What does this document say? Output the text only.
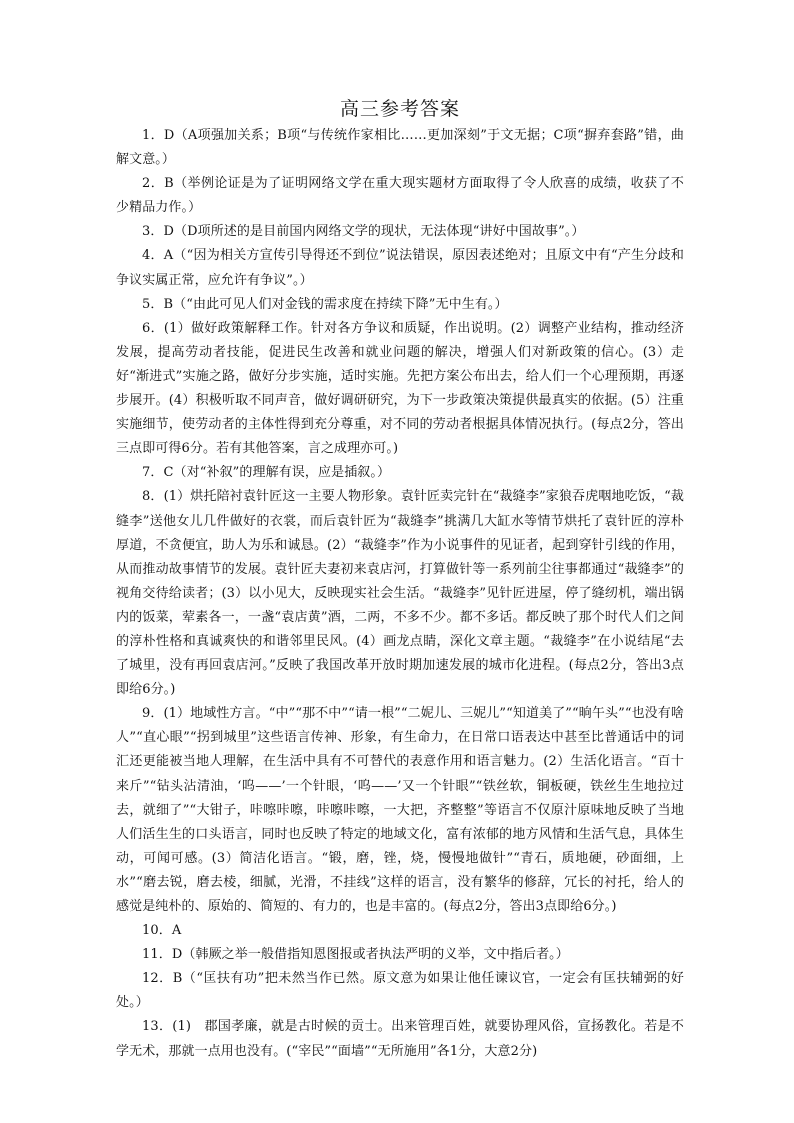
高三参考答案

1．D（A项强加关系；B项“与传统作家相比……更加深刻”于文无据；C项“摒弃套路”错，曲解文意。）

2．B（举例论证是为了证明网络文学在重大现实题材方面取得了令人欣喜的成绩，收获了不少精品力作。）

3．D（D项所述的是目前国内网络文学的现状，无法体现“讲好中国故事”。）

4．A（“因为相关方宣传引导得还不到位”说法错误，原因表述绝对；且原文中有“产生分歧和争议实属正常，应允许有争议”。）

5．B（“由此可见人们对金钱的需求度在持续下降”无中生有。）

6．(1）做好政策解释工作。针对各方争议和质疑，作出说明。(2）调整产业结构，推动经济发展，提高劳动者技能，促进民生改善和就业问题的解决，增强人们对新政策的信心。(3）走好“渐进式”实施之路，做好分步实施，适时实施。先把方案公布出去，给人们一个心理预期，再逐步展开。(4）积极听取不同声音，做好调研研究，为下一步政策决策提供最真实的依据。(5）注重实施细节，使劳动者的主体性得到充分尊重，对不同的劳动者根据具体情况执行。(每点2分，答出三点即可得6分。若有其他答案，言之成理亦可。)

7．C（对“补叙”的理解有误，应是插叙。）

8．(1）烘托陪衬袁针匠这一主要人物形象。袁针匠卖完针在“裁缝李”家狼吞虎咽地吃饭，“裁缝李”送他女儿几件做好的衣裳，而后袁针匠为“裁缝李”挑满几大缸水等情节烘托了袁针匠的淳朴厚道，不贪便宜，助人为乐和诚恳。(2）“裁缝李”作为小说事件的见证者，起到穿针引线的作用，从而推动故事情节的发展。袁针匠夫妻初来袁店河，打算做针等一系列前尘往事都通过“裁缝李”的视角交待给读者；(3）以小见大，反映现实社会生活。“裁缝李”见针匠进屋，停了缝纫机，端出锅内的饭菜，荤素各一，一盏“袁店黄”酒，二两，不多不少。都不多话。都反映了那个时代人们之间的淳朴性格和真诚爽快的和谐邻里民风。(4）画龙点睛，深化文章主题。“裁缝李”在小说结尾“去了城里，没有再回袁店河。”反映了我国改革开放时期加速发展的城市化进程。(每点2分，答出3点即给6分。)

9．(1）地域性方言。“中”“那不中”“请一根”“二妮儿、三妮儿”“知道美了”“晌午头”“也没有啥人”“直心眼”“拐到城里”这些语言传神、形象，有生命力，在日常口语表达中甚至比普通话中的词汇还更能被当地人理解，在生活中具有不可替代的表意作用和语言魅力。(2）生活化语言。“百十来斤”“钻头沾清油，‘呜——’一个针眼，‘呜——’又一个针眼”“铁丝软，铜板硬，铁丝生生地拉过去，就细了”“大钳子，咔嚓咔嚓，咔嚓咔嚓，一大把，齐整整”等语言不仅原汁原味地反映了当地人们活生生的口头语言，同时也反映了特定的地域文化，富有浓郁的地方风情和生活气息，具体生动，可闻可感。(3）简洁化语言。“锻，磨，锉，烧，慢慢地做针”“青石，质地硬，砂面细，上水”“磨去锐，磨去棱，细腻，光滑，不挂线”这样的语言，没有繁华的修辞，冗长的衬托，给人的感觉是纯朴的、原始的、简短的、有力的，也是丰富的。(每点2分，答出3点即给6分。)

10．A

11．D（韩厥之举一般借指知恩图报或者执法严明的义举，文中指后者。）

12．B（“匡扶有功”把未然当作已然。原文意为如果让他任谏议官，一定会有匡扶辅弼的好处。）

13．(1)　郡国孝廉，就是古时候的贡士。出来管理百姓，就要协理风俗，宣扬教化。若是不学无术，那就一点用也没有。(“宰民”“面墙”“无所施用”各1分，大意2分)
